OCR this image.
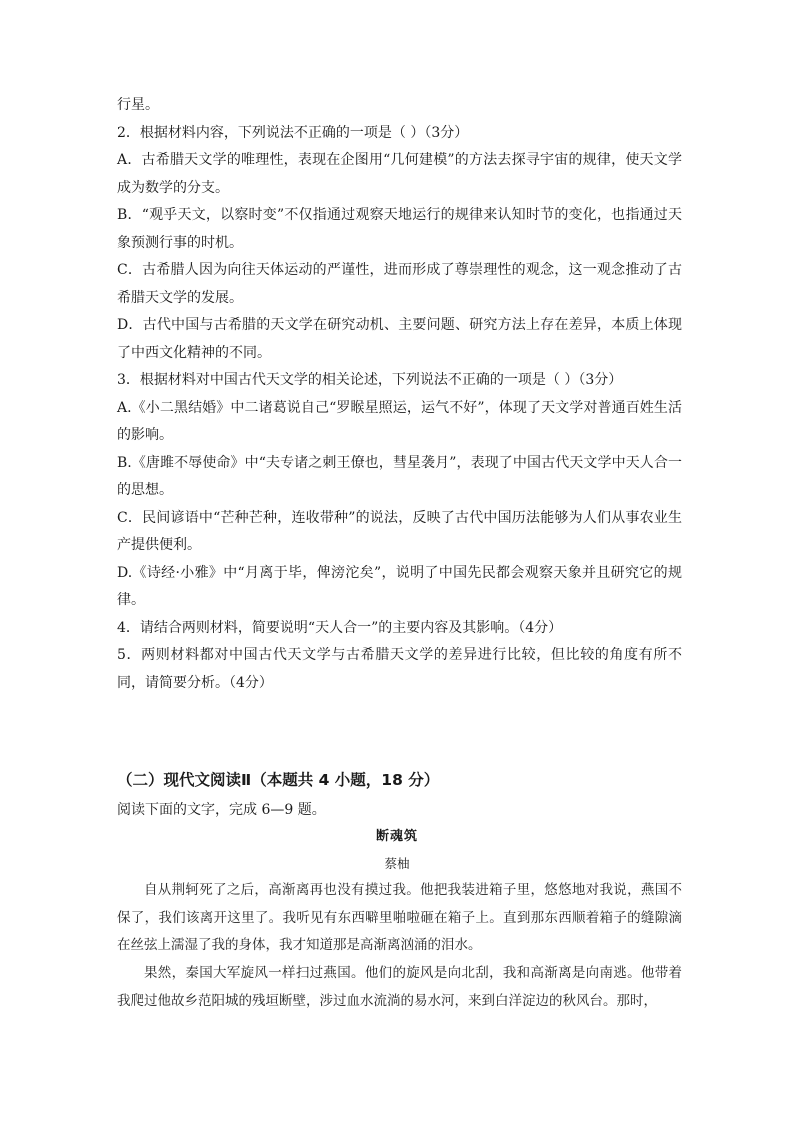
行星。

2．根据材料内容，下列说法不正确的一项是（ ）（3分）

A．古希腊天文学的唯理性，表现在企图用“几何建模”的方法去探寻宇宙的规律，使天文学成为数学的分支。

B．“观乎天文，以察时变”不仅指通过观察天地运行的规律来认知时节的变化，也指通过天象预测行事的时机。

C．古希腊人因为向往天体运动的严谨性，进而形成了尊崇理性的观念，这一观念推动了古希腊天文学的发展。

D．古代中国与古希腊的天文学在研究动机、主要问题、研究方法上存在差异，本质上体现了中西文化精神的不同。

3．根据材料对中国古代天文学的相关论述，下列说法不正确的一项是（ ）（3分）

A.《小二黑结婚》中二诸葛说自己“罗睺星照运，运气不好”，体现了天文学对普通百姓生活的影响。

B.《唐雎不辱使命》中“夫专诸之刺王僚也，彗星袭月”，表现了中国古代天文学中天人合一的思想。

C．民间谚语中“芒种芒种，连收带种”的说法，反映了古代中国历法能够为人们从事农业生产提供便利。

D.《诗经·小雅》中“月离于毕，俾滂沱矣”，说明了中国先民都会观察天象并且研究它的规律。

4．请结合两则材料，简要说明“天人合一”的主要内容及其影响。（4分）

5．两则材料都对中国古代天文学与古希腊天文学的差异进行比较，但比较的角度有所不同，请简要分析。（4分）

（二）现代文阅读Ⅱ（本题共 4 小题，18 分）

阅读下面的文字，完成 6—9 题。

断魂筑

蔡柚

自从荆轲死了之后，高渐离再也没有摸过我。他把我装进箱子里，悠悠地对我说，燕国不保了，我们该离开这里了。我听见有东西噼里啪啦砸在箱子上。直到那东西顺着箱子的缝隙滴在丝弦上濡湿了我的身体，我才知道那是高渐离汹涌的泪水。

果然，秦国大军旋风一样扫过燕国。他们的旋风是向北刮，我和高渐离是向南逃。他带着我爬过他故乡范阳城的残垣断壁，涉过血水流淌的易水河，来到白洋淀边的秋风台。那时，
